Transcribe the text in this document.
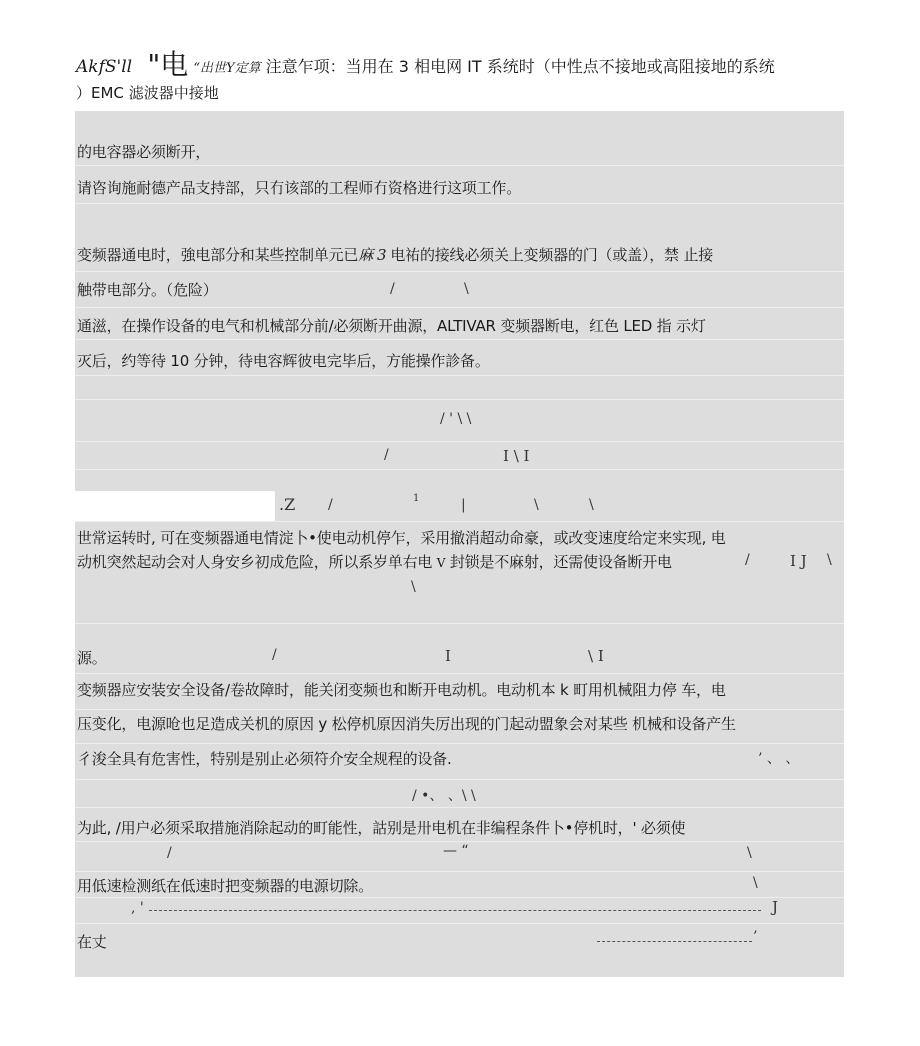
AkfS'll "电 “出世Y定算 注意乍项：当用在 3 相电网 IT 系统时（中性点不接地或高阻接地的系统
）EMC 滤波器中接地
的电容器必须断开，
请咨询施耐德产品支持部，只冇该部的工程师冇资格进行这项工作。
变频器通电时，強电部分和某些控制单元已麻 3 电祐的接线必须关上变频器的门（或盖），禁 止接
触带电部分。（危险）	/	\
通滋，在操作设备的电气和机械部分前/必须断开曲源，ALTIVAR 变频器断电，红色 LED 指 示灯
灭后，约等待 10 分钟，待电容辉彼电完毕后，方能操作診备。
/ ' \ \
/	I \ I
.Z /	1	|	\	\
世常运转时, 可在变频器通电情淀卜•使电动机停乍，采用撤消超动命豪，或改变速度给定来实现, 电
动机突然起动会对人身安乡初成危险，所以系岁单右电 V 封锁是不麻射，还需使设备断开电	/	I J \
\
源。	/	I	\ I
变频器应安装安全设备/卷故障时，能关闭变频也和断开电动机。电动机本 k 町用机械阻力停 车，电
压变化，电源呛也足造成关机的原因 y 松停机原因消失厉出现的门起动盟象会对某些 机械和设备产生
彳浚全具有危害性，特别是别止必须符介安全规程的设备.	’ 、 、
/ •、 、\ \
为此, /用户必须采取措施消除起动的町能性，詁别是卅电机在非编程条件卜•停机时，' 必须使
/	— “	\
用低速检测纸在低速时把变频器的电源切除。	\
, '	J
在丈	’
